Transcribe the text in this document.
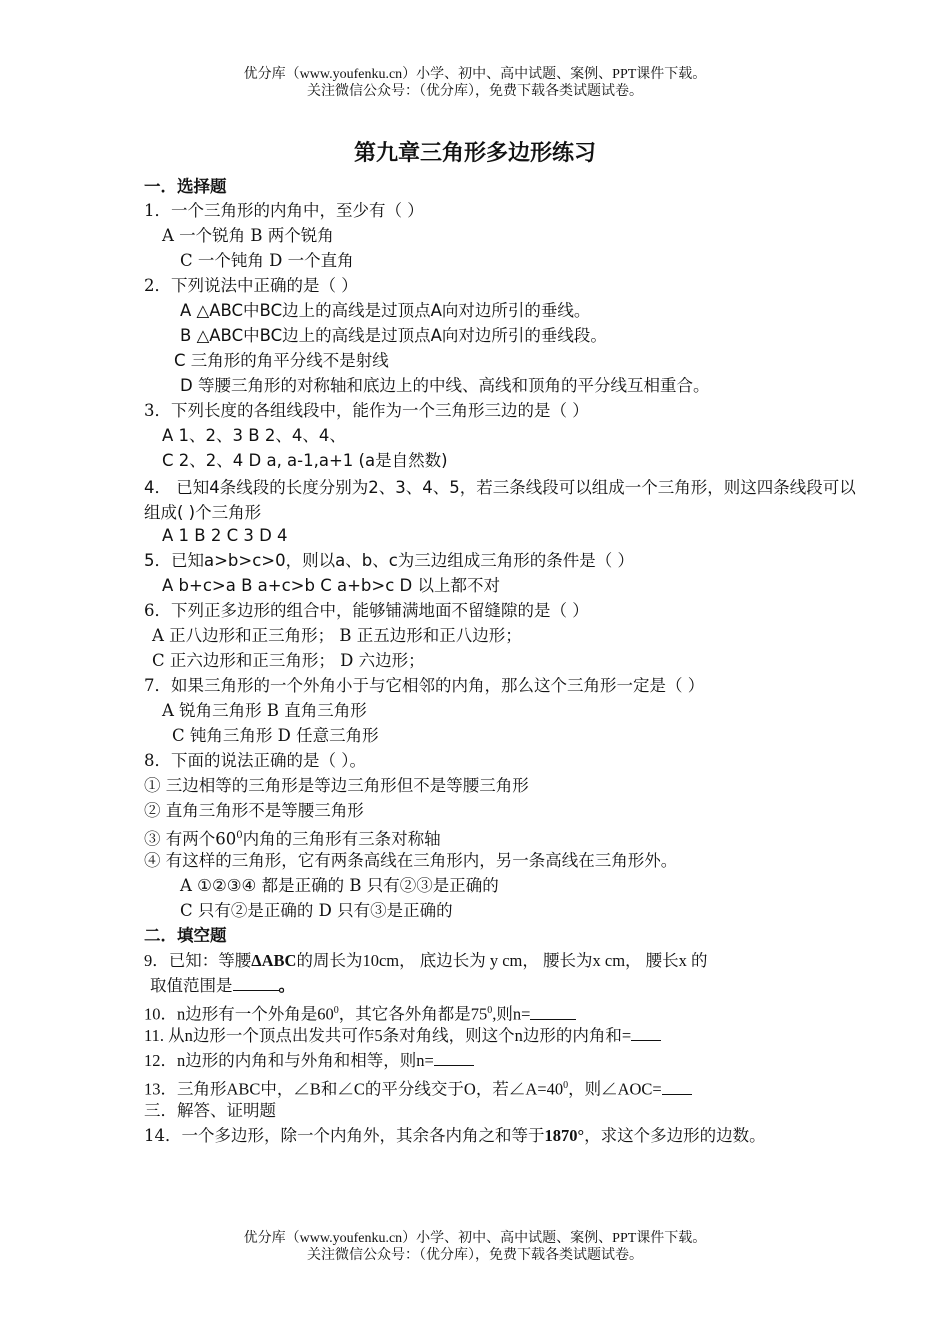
优分库（www.youfenku.cn）小学、初中、高中试题、案例、PPT课件下载。
关注微信公众号：（优分库），免费下载各类试题试卷。
第九章三角形多边形练习
一．选择题
1．一个三角形的内角中，至少有（ ）
A 一个锐角 B 两个锐角
C 一个钝角 D 一个直角
2．下列说法中正确的是（ ）
A △ABC中BC边上的高线是过顶点A向对边所引的垂线。
B △ABC中BC边上的高线是过顶点A向对边所引的垂线段。
C 三角形的角平分线不是射线
D 等腰三角形的对称轴和底边上的中线、高线和顶角的平分线互相重合。
3．下列长度的各组线段中，能作为一个三角形三边的是（ ）
A 1、2、3 B 2、4、4、
C 2、2、4 D a, a-1,a+1 (a是自然数)
4． 已知4条线段的长度分别为2、3、4、5，若三条线段可以组成一个三角形，则这四条线段可以组成( )个三角形
A 1 B 2 C 3 D 4
5．已知a>b>c>0，则以a、b、c为三边组成三角形的条件是（ ）
A b+c>a B a+c>b C a+b>c D 以上都不对
6．下列正多边形的组合中，能够铺满地面不留缝隙的是（ ）
A 正八边形和正三角形； B 正五边形和正八边形；
C 正六边形和正三角形； D 六边形；
7．如果三角形的一个外角小于与它相邻的内角，那么这个三角形一定是（ ）
A 锐角三角形 B 直角三角形
C 钝角三角形 D 任意三角形
8．下面的说法正确的是（ ）。
① 三边相等的三角形是等边三角形但不是等腰三角形
② 直角三角形不是等腰三角形
③ 有两个$60^0$内角的三角形有三条对称轴
④ 有这样的三角形，它有两条高线在三角形内，另一条高线在三角形外。
A ①②③④ 都是正确的 B 只有②③是正确的
C 只有②是正确的 D 只有③是正确的
二．填空题
9．已知：等腰ΔABC的周长为10cm， 底边长为 y cm， 腰长为x cm， 腰长x 的
取值范围是	。
10．n边形有一个外角是$60^0$，其它各外角都是$75^0$,则n=
11. 从n边形一个顶点出发共可作5条对角线，则这个n边形的内角和=
12．n边形的内角和与外角和相等，则n=
13．三角形ABC中，∠B和∠C的平分线交于O，若$\angle A=40^0$，则∠AOC=
三．解答、证明题
14．一个多边形，除一个内角外，其余各内角之和等于1870°，求这个多边形的边数。
优分库（www.youfenku.cn）小学、初中、高中试题、案例、PPT课件下载。
关注微信公众号：（优分库），免费下载各类试题试卷。
